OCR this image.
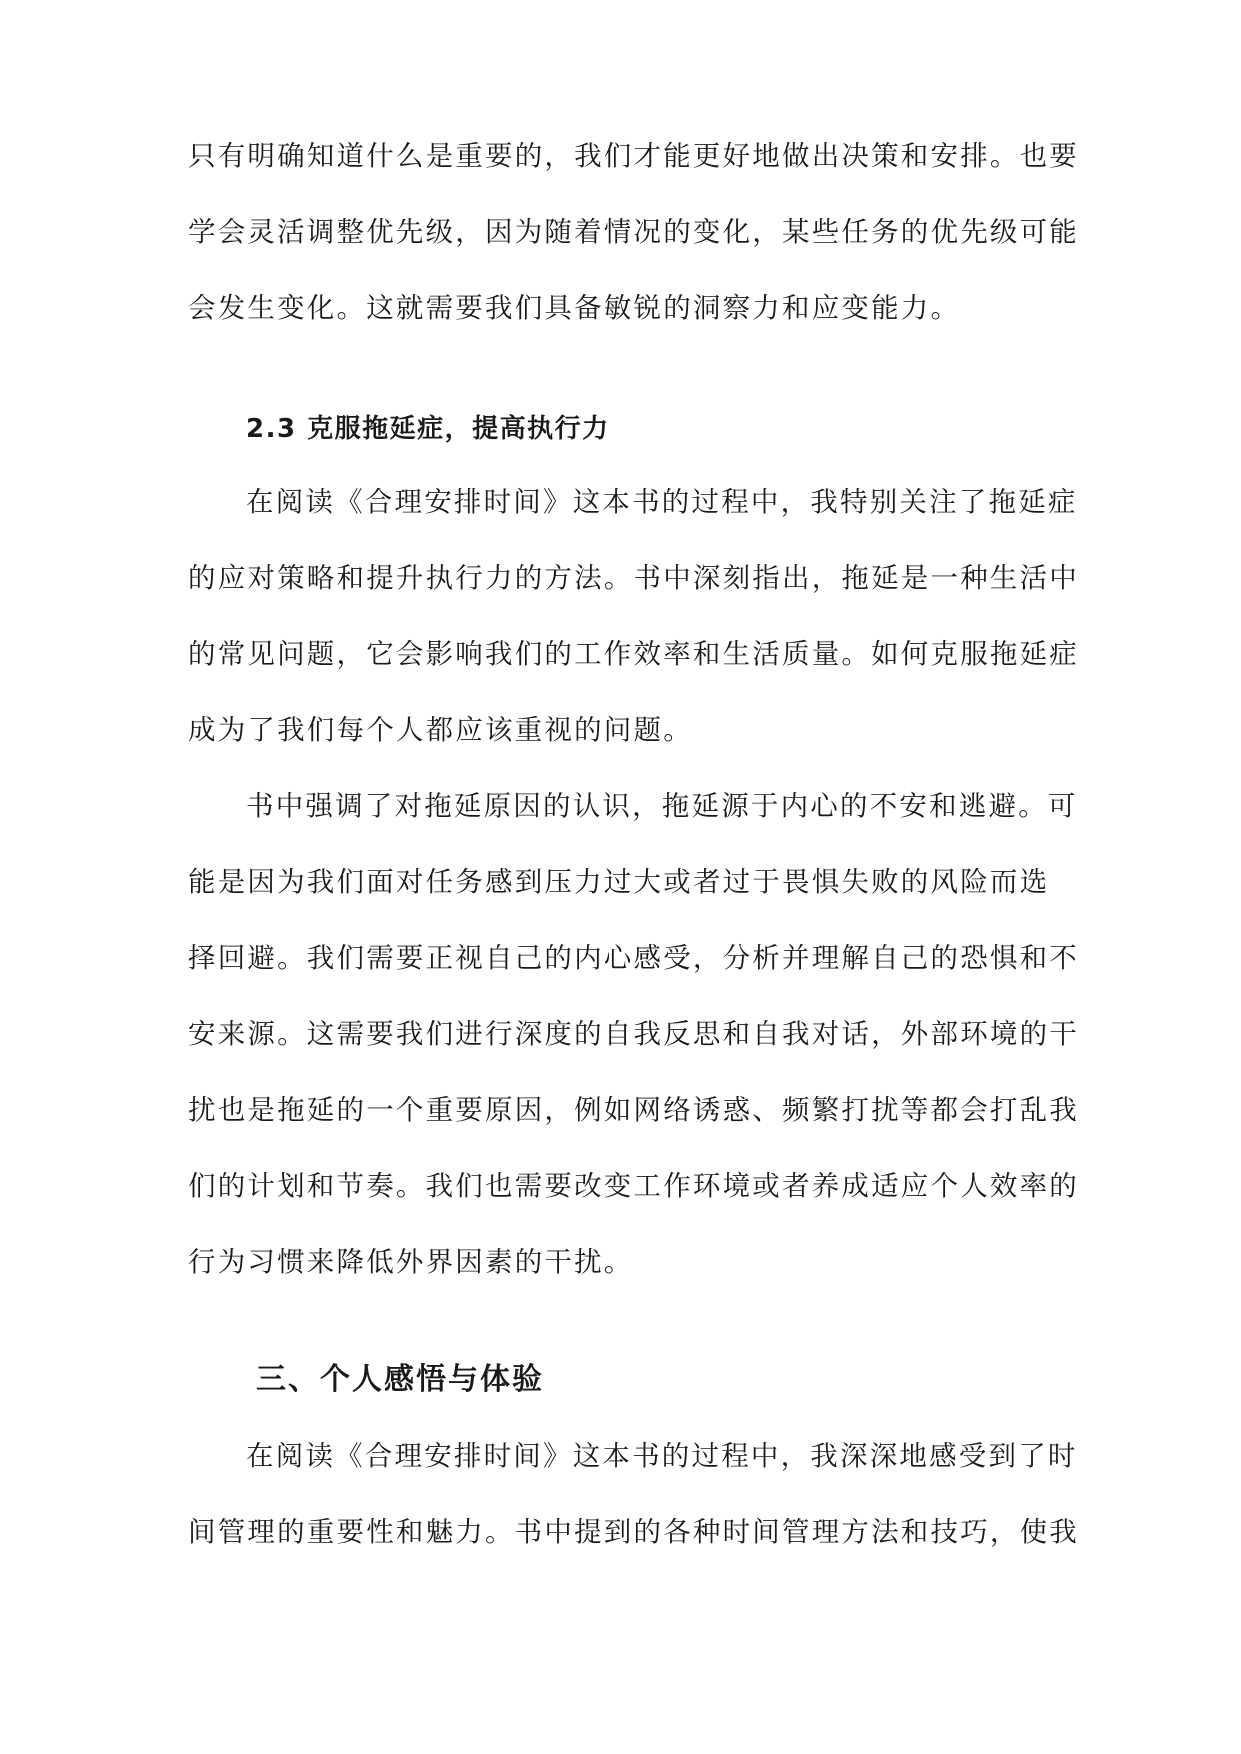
只有明确知道什么是重要的，我们才能更好地做出决策和安排。也要
学会灵活调整优先级，因为随着情况的变化，某些任务的优先级可能
会发生变化。这就需要我们具备敏锐的洞察力和应变能力。
2.3 克服拖延症，提高执行力
在阅读《合理安排时间》这本书的过程中，我特别关注了拖延症
的应对策略和提升执行力的方法。书中深刻指出，拖延是一种生活中
的常见问题，它会影响我们的工作效率和生活质量。如何克服拖延症
成为了我们每个人都应该重视的问题。
书中强调了对拖延原因的认识，拖延源于内心的不安和逃避。可
能是因为我们面对任务感到压力过大或者过于畏惧失败的风险而选
择回避。我们需要正视自己的内心感受，分析并理解自己的恐惧和不
安来源。这需要我们进行深度的自我反思和自我对话，外部环境的干
扰也是拖延的一个重要原因，例如网络诱惑、频繁打扰等都会打乱我
们的计划和节奏。我们也需要改变工作环境或者养成适应个人效率的
行为习惯来降低外界因素的干扰。
三、个人感悟与体验
在阅读《合理安排时间》这本书的过程中，我深深地感受到了时
间管理的重要性和魅力。书中提到的各种时间管理方法和技巧，使我
